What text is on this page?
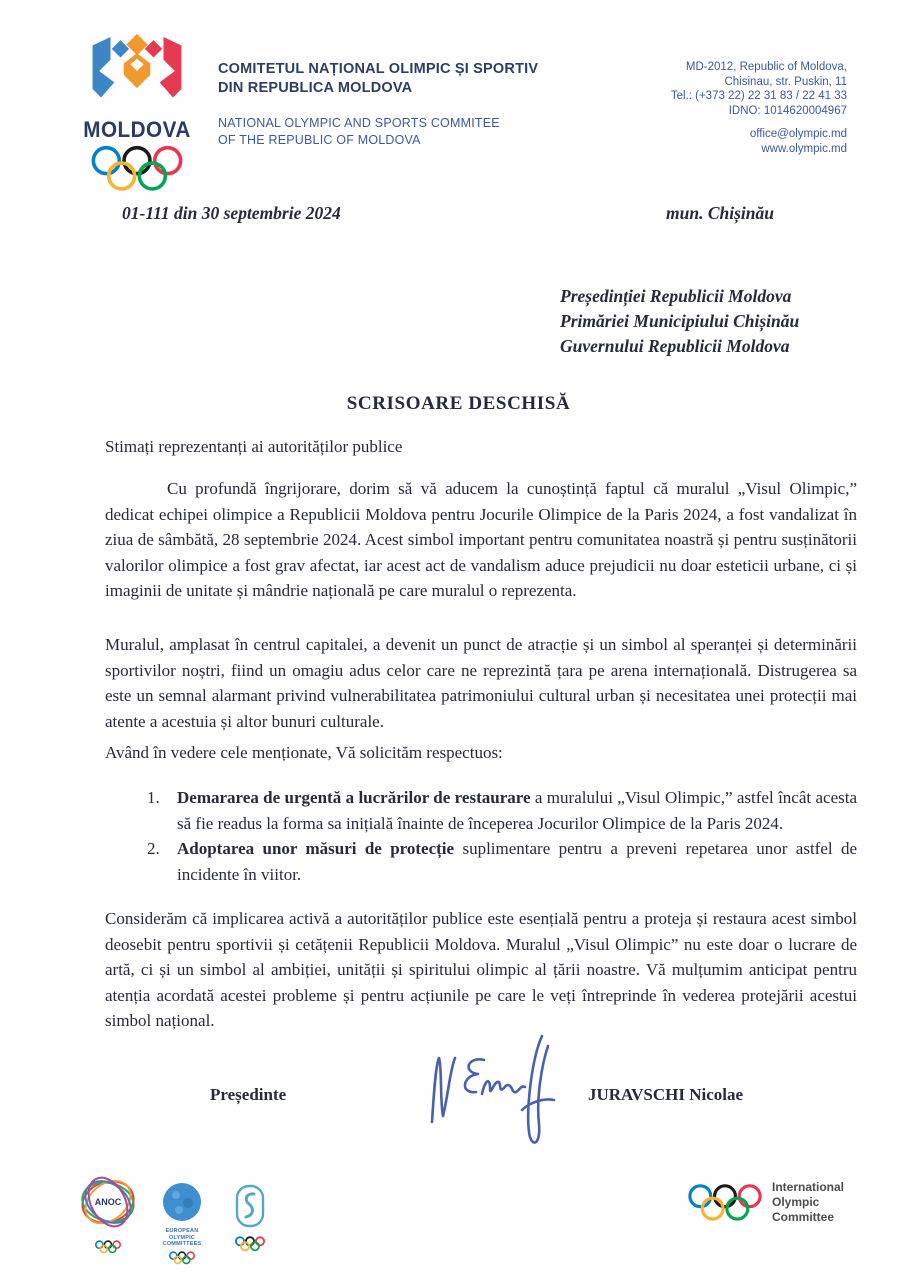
MOLDOVA
COMITETUL NAȚIONAL OLIMPIC ȘI SPORTIV
DIN REPUBLICA MOLDOVA
NATIONAL OLYMPIC AND SPORTS COMMITEE
OF THE REPUBLIC OF MOLDOVA
MD-2012, Republic of Moldova,
Chisinau, str. Puskin, 11
Tel.: (+373 22) 22 31 83 / 22 41 33
IDNO: 1014620004967
office@olympic.md
www.olympic.md
01-111 din 30 septembrie 2024	mun. Chișinău
Președinției Republicii Moldova
Primăriei Municipiului Chișinău
Guvernului Republicii Moldova
SCRISOARE DESCHISĂ
Stimați reprezentanți ai autorităților publice
Cu profundă îngrijorare, dorim să vă aducem la cunoștință faptul că muralul „Visul Olimpic,” dedicat echipei olimpice a Republicii Moldova pentru Jocurile Olimpice de la Paris 2024, a fost vandalizat în ziua de sâmbătă, 28 septembrie 2024. Acest simbol important pentru comunitatea noastră și pentru susținătorii valorilor olimpice a fost grav afectat, iar acest act de vandalism aduce prejudicii nu doar esteticii urbane, ci și imaginii de unitate și mândrie națională pe care muralul o reprezenta.
Muralul, amplasat în centrul capitalei, a devenit un punct de atracție și un simbol al speranței și determinării sportivilor noștri, fiind un omagiu adus celor care ne reprezintă țara pe arena internațională. Distrugerea sa este un semnal alarmant privind vulnerabilitatea patrimoniului cultural urban și necesitatea unei protecții mai atente a acestuia și altor bunuri culturale.
Având în vedere cele menționate, Vă solicităm respectuos:
1.	Demararea de urgentă a lucrărilor de restaurare a muralului „Visul Olimpic,” astfel încât acesta să fie readus la forma sa inițială înainte de începerea Jocurilor Olimpice de la Paris 2024.
2.	Adoptarea unor măsuri de protecție suplimentare pentru a preveni repetarea unor astfel de incidente în viitor.
Considerăm că implicarea activă a autorităților publice este esențială pentru a proteja și restaura acest simbol deosebit pentru sportivii și cetățenii Republicii Moldova. Muralul „Visul Olimpic” nu este doar o lucrare de artă, ci și un simbol al ambiției, unității și spiritului olimpic al țării noastre. Vă mulțumim anticipat pentru atenția acordată acestei probleme și pentru acțiunile pe care le veți întreprinde în vederea protejării acestui simbol național.
Președinte	JURAVSCHI Nicolae
ANOC
EUROPEAN
OLYMPIC
COMMITTEES
International
Olympic
Committee
